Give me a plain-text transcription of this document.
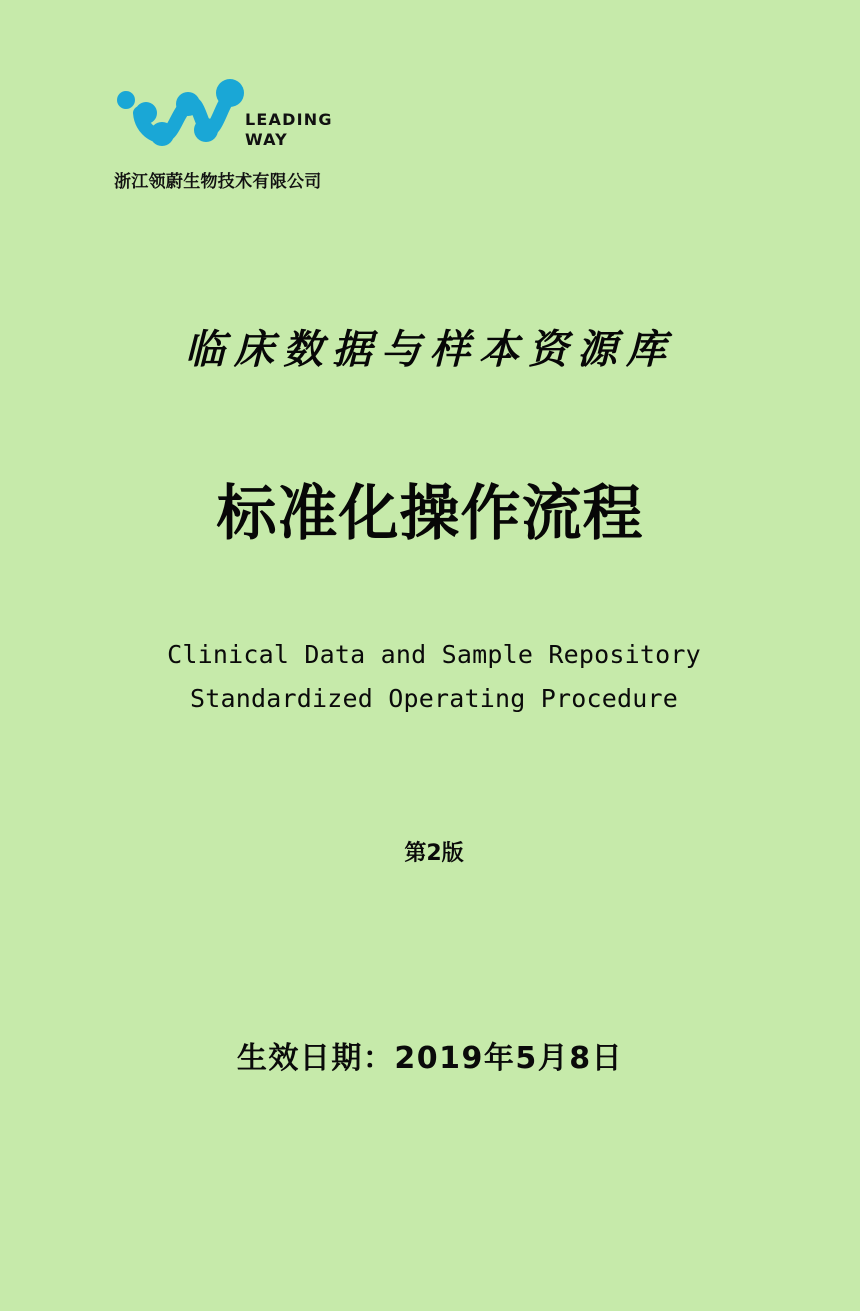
LEADING
WAY
浙江领蔚生物技术有限公司
临床数据与样本资源库
标准化操作流程
Clinical Data and Sample Repository
Standardized Operating Procedure
第2版
生效日期：2019年5月8日
